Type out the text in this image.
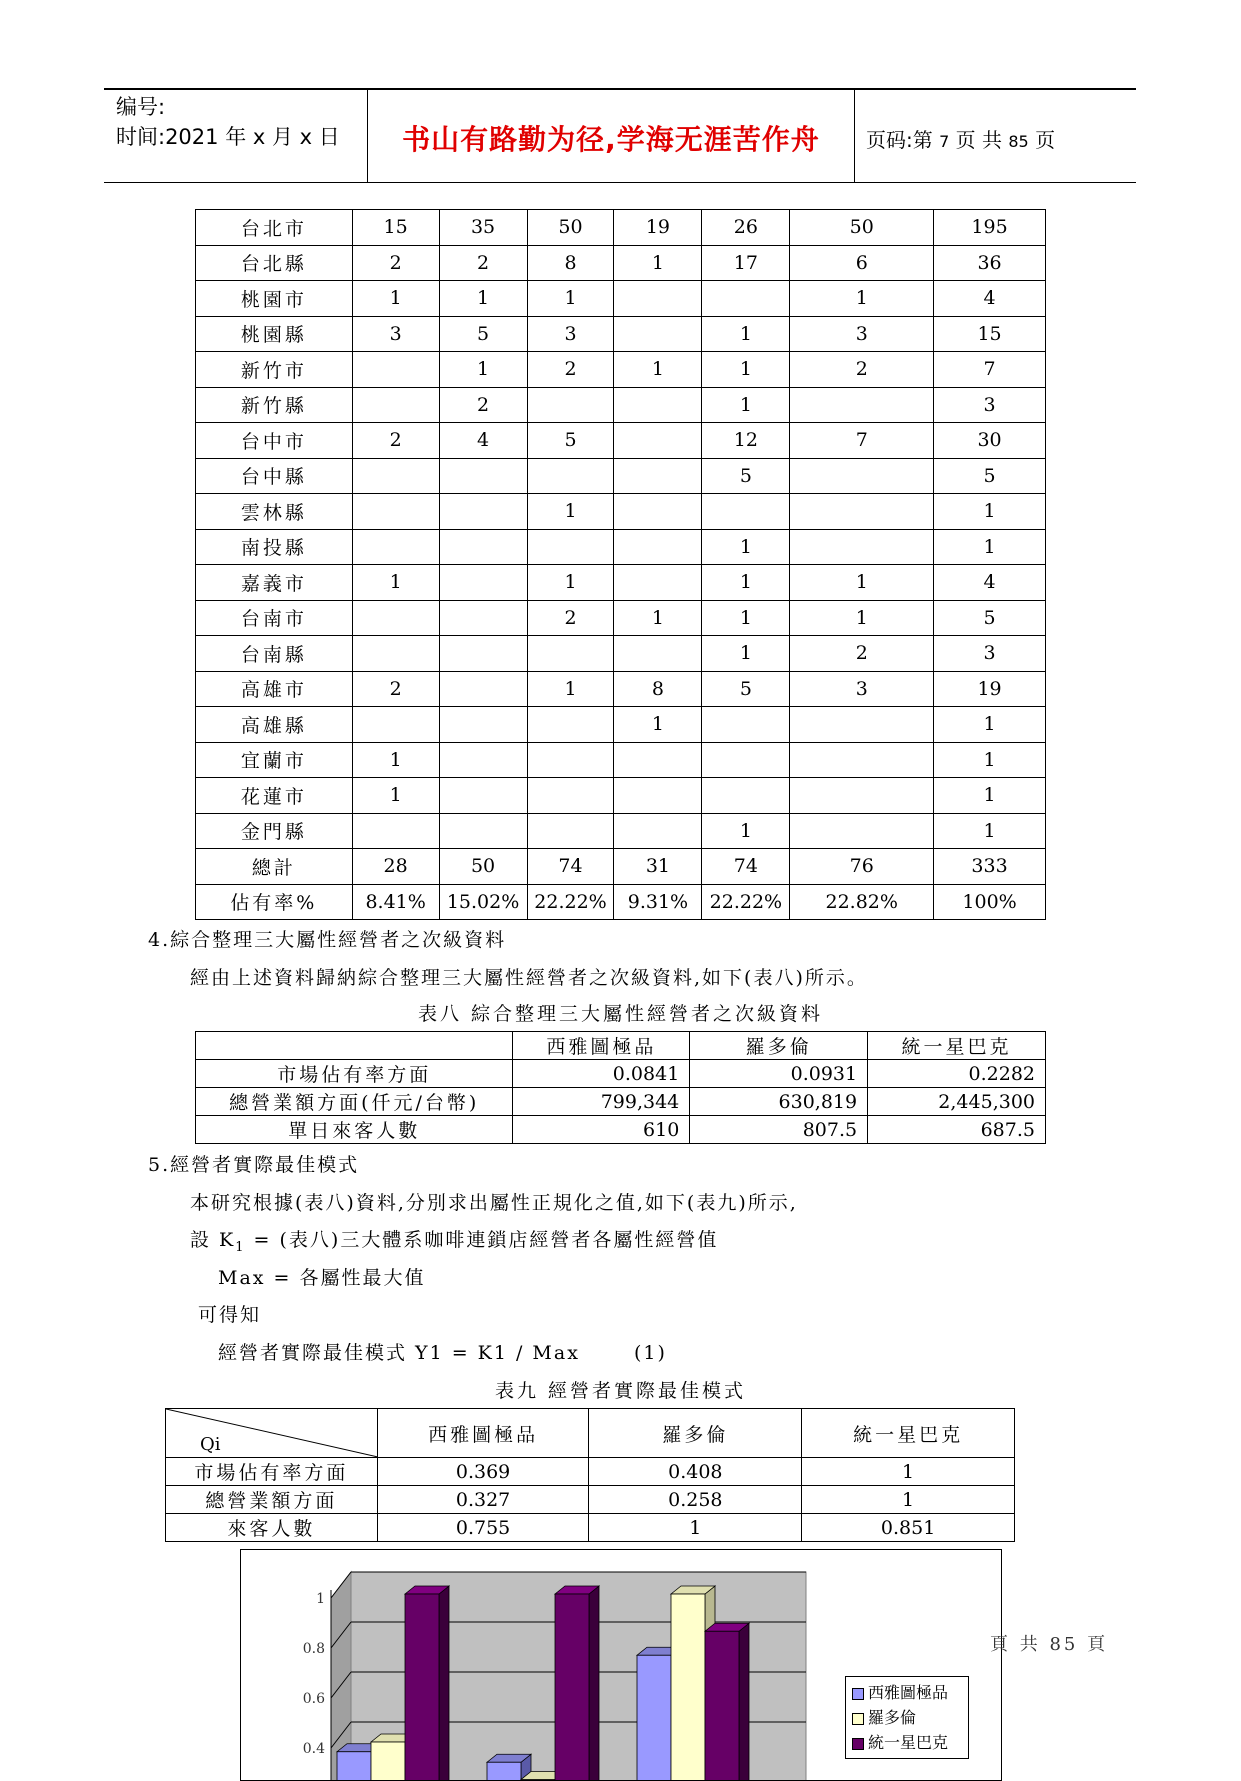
编号:
时间:2021 年 x 月 x 日	书山有路勤为径,学海无涯苦作舟	页码:第 7 页 共 85 页
台北市	15	35	50	19	26	50	195
台北縣	2	2	8	1	17	6	36
桃園市	1	1	1			1	4
桃園縣	3	5	3		1	3	15
新竹市		1	2	1	1	2	7
新竹縣		2			1		3
台中市	2	4	5		12	7	30
台中縣					5		5
雲林縣			1				1
南投縣					1		1
嘉義市	1		1		1	1	4
台南市			2	1	1	1	5
台南縣					1	2	3
高雄市	2		1	8	5	3	19
高雄縣				1			1
宜蘭市	1						1
花蓮市	1						1
金門縣					1		1
總計	28	50	74	31	74	76	333
佔有率%	8.41%	15.02%	22.22%	9.31%	22.22%	22.82%	100%
4.綜合整理三大屬性經營者之次級資料
經由上述資料歸納綜合整理三大屬性經營者之次級資料,如下(表八)所示。
表八 綜合整理三大屬性經營者之次級資料
	西雅圖極品	羅多倫	統一星巴克
市場佔有率方面	0.0841	0.0931	0.2282
總營業額方面(仟元/台幣)	799,344	630,819	2,445,300
單日來客人數	610	807.5	687.5
5.經營者實際最佳模式
本研究根據(表八)資料,分別求出屬性正規化之值,如下(表九)所示,
設 $K_1$ = (表八)三大體系咖啡連鎖店經營者各屬性經營值
Max = 各屬性最大值
可得知
經營者實際最佳模式 Y1 = K1 / Max	(1)
表九 經營者實際最佳模式
Qi	西雅圖極品	羅多倫	統一星巴克
市場佔有率方面	0.369	0.408	1
總營業額方面	0.327	0.258	1
來客人數	0.755	1	0.851
1
0.8
0.6
0.4
西雅圖極品
羅多倫
統一星巴克
頁 共 85 頁
